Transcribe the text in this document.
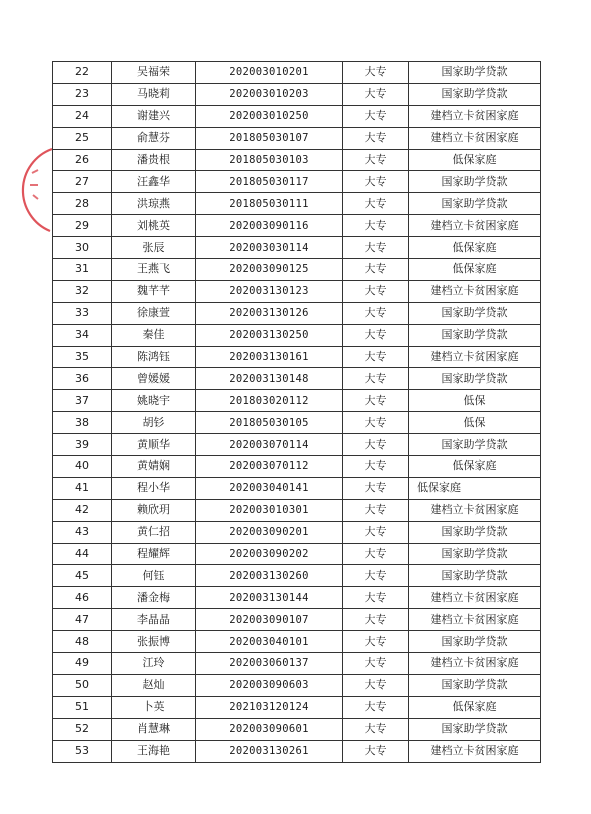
22	吴福荣	202003010201	大专	国家助学贷款
23	马晓莉	202003010203	大专	国家助学贷款
24	谢建兴	202003010250	大专	建档立卡贫困家庭
25	俞慧芬	201805030107	大专	建档立卡贫困家庭
26	潘贵根	201805030103	大专	低保家庭
27	汪鑫华	201805030117	大专	国家助学贷款
28	洪琼燕	201805030111	大专	国家助学贷款
29	刘桃英	202003090116	大专	建档立卡贫困家庭
30	张辰	202003030114	大专	低保家庭
31	王燕飞	202003090125	大专	低保家庭
32	魏芊芊	202003130123	大专	建档立卡贫困家庭
33	徐康萱	202003130126	大专	国家助学贷款
34	秦佳	202003130250	大专	国家助学贷款
35	陈鸿钰	202003130161	大专	建档立卡贫困家庭
36	曾媛媛	202003130148	大专	国家助学贷款
37	姚晓宇	201803020112	大专	低保
38	胡钐	201805030105	大专	低保
39	黄顺华	202003070114	大专	国家助学贷款
40	黄婧娴	202003070112	大专	低保家庭
41	程小华	202003040141	大专	低保家庭
42	赖欣玥	202003010301	大专	建档立卡贫困家庭
43	黄仁招	202003090201	大专	国家助学贷款
44	程耀辉	202003090202	大专	国家助学贷款
45	何钰	202003130260	大专	国家助学贷款
46	潘金梅	202003130144	大专	建档立卡贫困家庭
47	李晶晶	202003090107	大专	建档立卡贫困家庭
48	张振博	202003040101	大专	国家助学贷款
49	江玲	202003060137	大专	建档立卡贫困家庭
50	赵灿	202003090603	大专	国家助学贷款
51	卜英	202103120124	大专	低保家庭
52	肖慧琳	202003090601	大专	国家助学贷款
53	王海艳	202003130261	大专	建档立卡贫困家庭
